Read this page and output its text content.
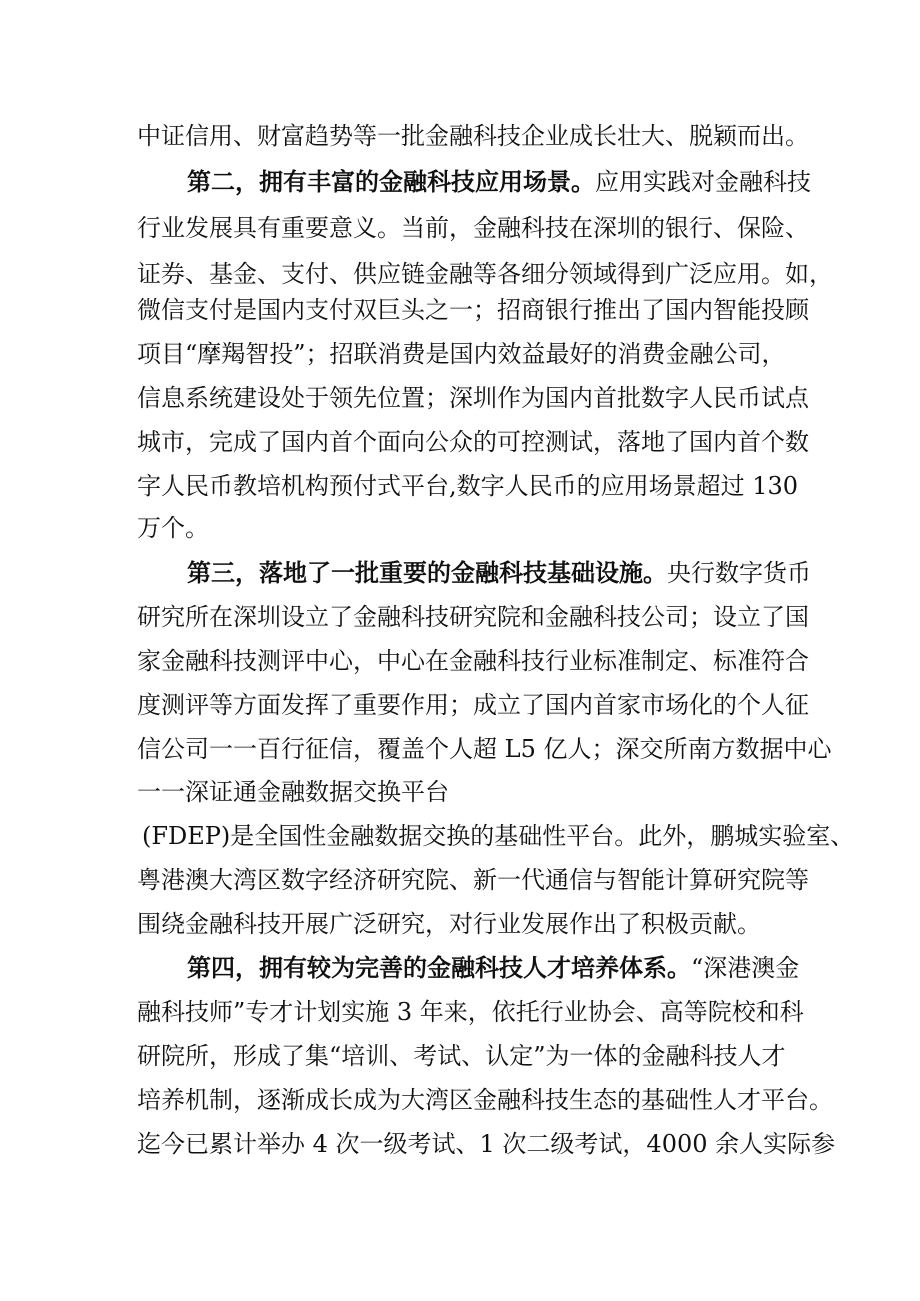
中证信用、财富趋势等一批金融科技企业成长壮大、脱颖而出。
第二，拥有丰富的金融科技应用场景。应用实践对金融科技
行业发展具有重要意义。当前，金融科技在深圳的银行、保险、
证券、基金、支付、供应链金融等各细分领域得到广泛应用。如，
微信支付是国内支付双巨头之一；招商银行推出了国内智能投顾
项目“摩羯智投”；招联消费是国内效益最好的消费金融公司，
信息系统建设处于领先位置；深圳作为国内首批数字人民币试点
城市，完成了国内首个面向公众的可控测试，落地了国内首个数
字人民币教培机构预付式平台,数字人民币的应用场景超过 130
万个。
第三，落地了一批重要的金融科技基础设施。央行数字货币
研究所在深圳设立了金融科技研究院和金融科技公司；设立了国
家金融科技测评中心，中心在金融科技行业标准制定、标准符合
度测评等方面发挥了重要作用；成立了国内首家市场化的个人征
信公司一一百行征信，覆盖个人超 L5 亿人；深交所南方数据中心
一一深证通金融数据交换平台
(FDEP)是全国性金融数据交换的基础性平台。此外，鹏城实验室、
粤港澳大湾区数字经济研究院、新一代通信与智能计算研究院等
围绕金融科技开展广泛研究，对行业发展作出了积极贡献。
第四，拥有较为完善的金融科技人才培养体系。“深港澳金
融科技师”专才计划实施 3 年来，依托行业协会、高等院校和科
研院所，形成了集“培训、考试、认定”为一体的金融科技人才
培养机制，逐渐成长成为大湾区金融科技生态的基础性人才平台。
迄今已累计举办 4 次一级考试、1 次二级考试，4000 余人实际参
